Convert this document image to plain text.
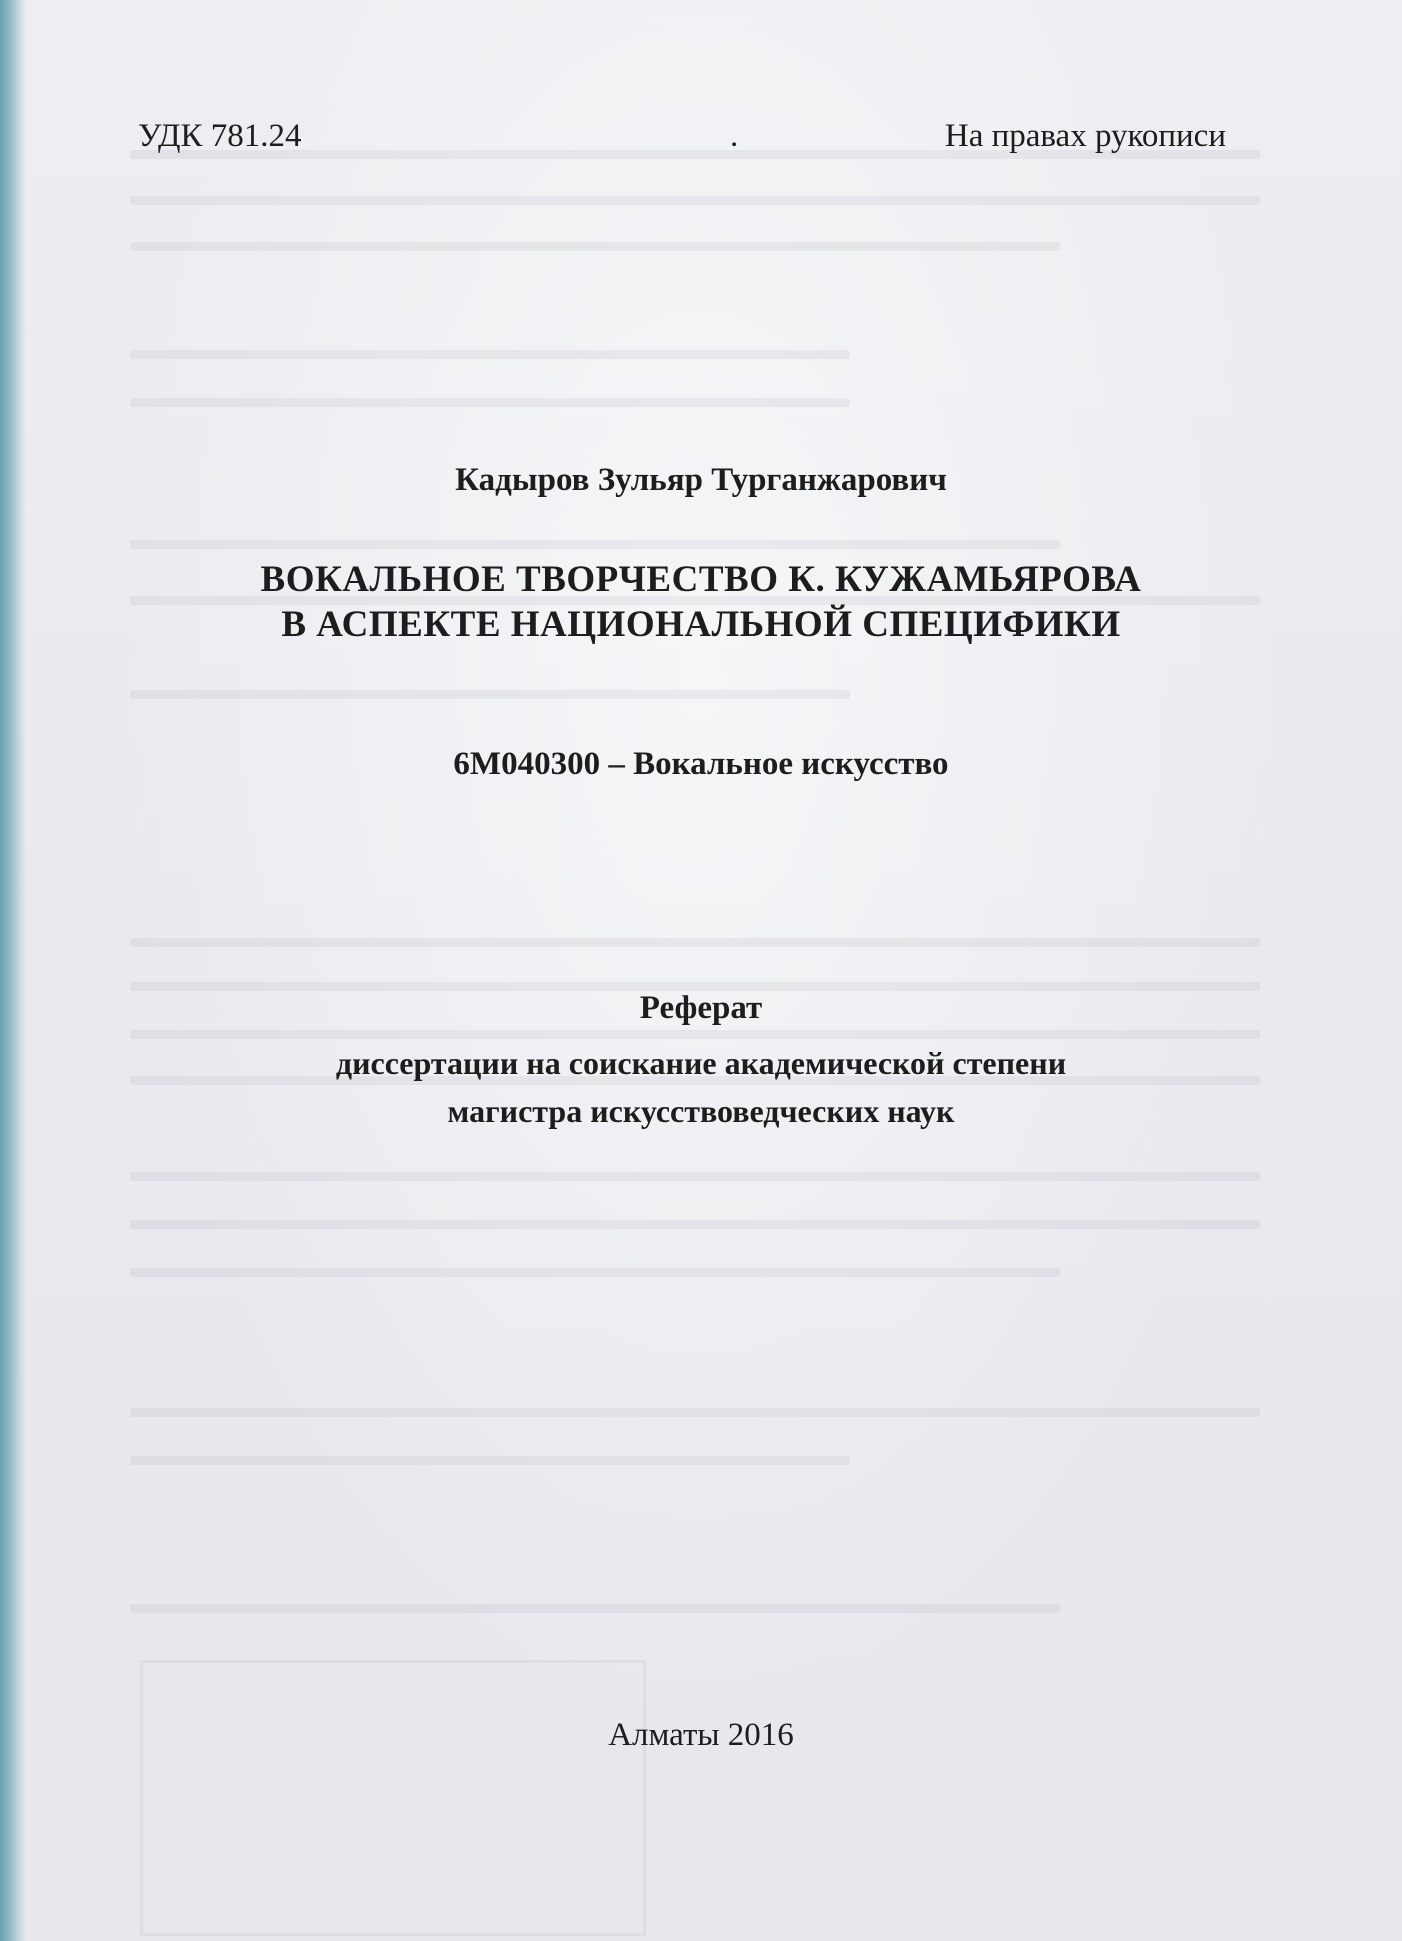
УДК 781.24	.	На правах рукописи

Кадыров Зульяр Турганжарович

ВОКАЛЬНОЕ ТВОРЧЕСТВО К. КУЖАМЬЯРОВА

В АСПЕКТЕ НАЦИОНАЛЬНОЙ СПЕЦИФИКИ

6М040300 – Вокальное искусство

Реферат

диссертации на соискание академической степени

магистра искусствоведческих наук

Алматы 2016
